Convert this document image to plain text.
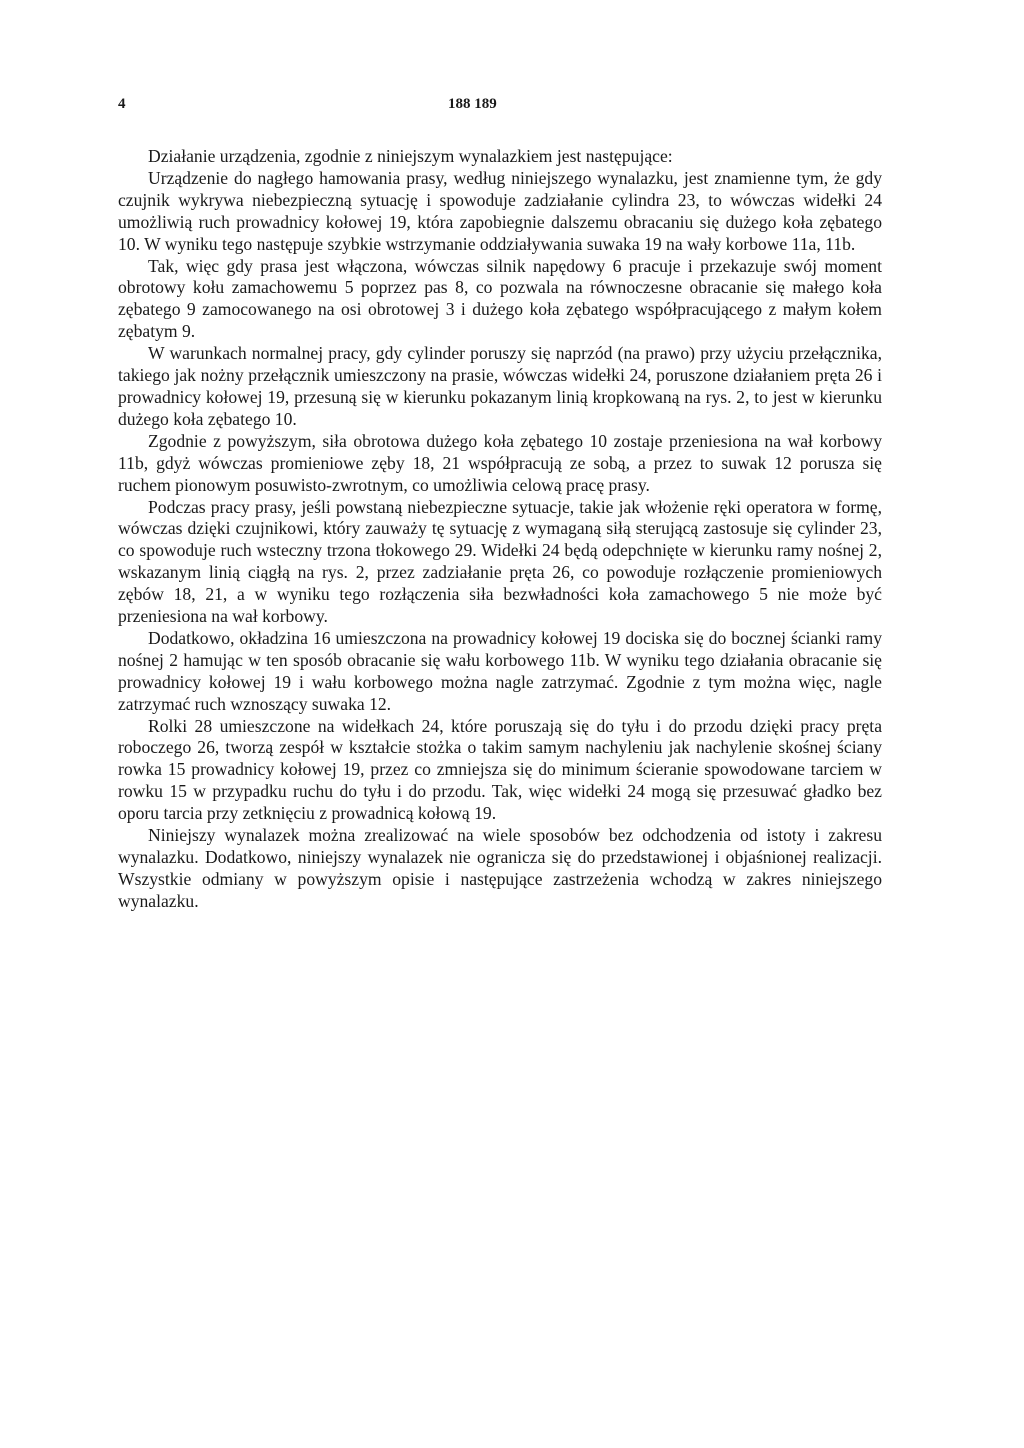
4	188 189

Działanie urządzenia, zgodnie z niniejszym wynalazkiem jest następujące:

Urządzenie do nagłego hamowania prasy, według niniejszego wynalazku, jest znamienne tym, że gdy czujnik wykrywa niebezpieczną sytuację i spowoduje zadziałanie cylindra 23, to wówczas widełki 24 umożliwią ruch prowadnicy kołowej 19, która zapobiegnie dalszemu obracaniu się dużego koła zębatego 10. W wyniku tego następuje szybkie wstrzymanie oddziaływania suwaka 19 na wały korbowe 11a, 11b.

Tak, więc gdy prasa jest włączona, wówczas silnik napędowy 6 pracuje i przekazuje swój moment obrotowy kołu zamachowemu 5 poprzez pas 8, co pozwala na równoczesne obracanie się małego koła zębatego 9 zamocowanego na osi obrotowej 3 i dużego koła zębatego współpracującego z małym kołem zębatym 9.

W warunkach normalnej pracy, gdy cylinder poruszy się naprzód (na prawo) przy użyciu przełącznika, takiego jak nożny przełącznik umieszczony na prasie, wówczas widełki 24, poruszone działaniem pręta 26 i prowadnicy kołowej 19, przesuną się w kierunku pokazanym linią kropkowaną na rys. 2, to jest w kierunku dużego koła zębatego 10.

Zgodnie z powyższym, siła obrotowa dużego koła zębatego 10 zostaje przeniesiona na wał korbowy 11b, gdyż wówczas promieniowe zęby 18, 21 współpracują ze sobą, a przez to suwak 12 porusza się ruchem pionowym posuwisto-zwrotnym, co umożliwia celową pracę prasy.

Podczas pracy prasy, jeśli powstaną niebezpieczne sytuacje, takie jak włożenie ręki operatora w formę, wówczas dzięki czujnikowi, który zauważy tę sytuację z wymaganą siłą sterującą zastosuje się cylinder 23, co spowoduje ruch wsteczny trzona tłokowego 29. Widełki 24 będą odepchnięte w kierunku ramy nośnej 2, wskazanym linią ciągłą na rys. 2, przez zadziałanie pręta 26, co powoduje rozłączenie promieniowych zębów 18, 21, a w wyniku tego rozłączenia siła bezwładności koła zamachowego 5 nie może być przeniesiona na wał korbowy.

Dodatkowo, okładzina 16 umieszczona na prowadnicy kołowej 19 dociska się do bocznej ścianki ramy nośnej 2 hamując w ten sposób obracanie się wału korbowego 11b. W wyniku tego działania obracanie się prowadnicy kołowej 19 i wału korbowego można nagle zatrzymać. Zgodnie z tym można więc, nagle zatrzymać ruch wznoszący suwaka 12.

Rolki 28 umieszczone na widełkach 24, które poruszają się do tyłu i do przodu dzięki pracy pręta roboczego 26, tworzą zespół w kształcie stożka o takim samym nachyleniu jak nachylenie skośnej ściany rowka 15 prowadnicy kołowej 19, przez co zmniejsza się do minimum ścieranie spowodowane tarciem w rowku 15 w przypadku ruchu do tyłu i do przodu. Tak, więc widełki 24 mogą się przesuwać gładko bez oporu tarcia przy zetknięciu z prowadnicą kołową 19.

Niniejszy wynalazek można zrealizować na wiele sposobów bez odchodzenia od istoty i zakresu wynalazku. Dodatkowo, niniejszy wynalazek nie ogranicza się do przedstawionej i objaśnionej realizacji. Wszystkie odmiany w powyższym opisie i następujące zastrzeżenia wchodzą w zakres niniejszego wynalazku.
